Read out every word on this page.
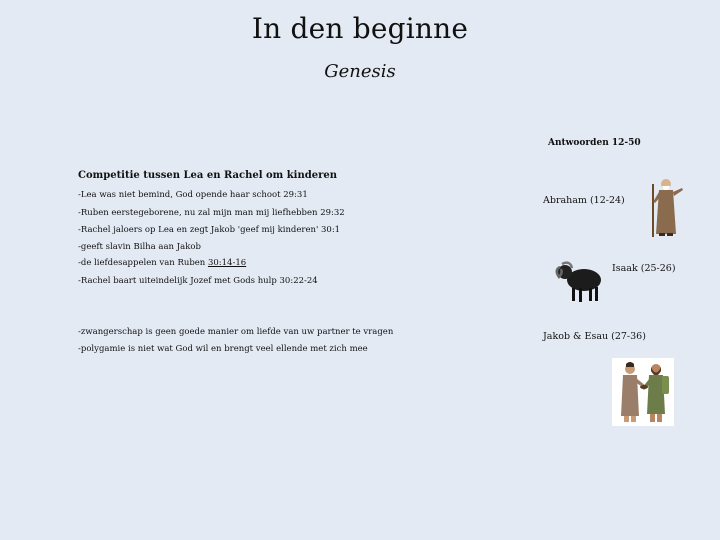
In den beginne
Genesis
Antwoorden 12-50
Competitie tussen Lea en Rachel om kinderen
-Lea was niet bemind, God opende haar schoot 29:31
-Ruben eerstegeborene, nu zal mijn man mij liefhebben 29:32
-Rachel jaloers op Lea en zegt Jakob 'geef mij kinderen' 30:1
-geeft slavin Bilha aan Jakob
-de liefdesappelen van Ruben 30:14-16
-Rachel baart uiteindelijk Jozef met Gods hulp 30:22-24
-zwangerschap is geen goede manier om liefde van uw partner te vragen
-polygamie is niet wat God wil en brengt veel ellende met zich mee
Abraham (12-24)
Isaak (25-26)
Jakob & Esau (27-36)
